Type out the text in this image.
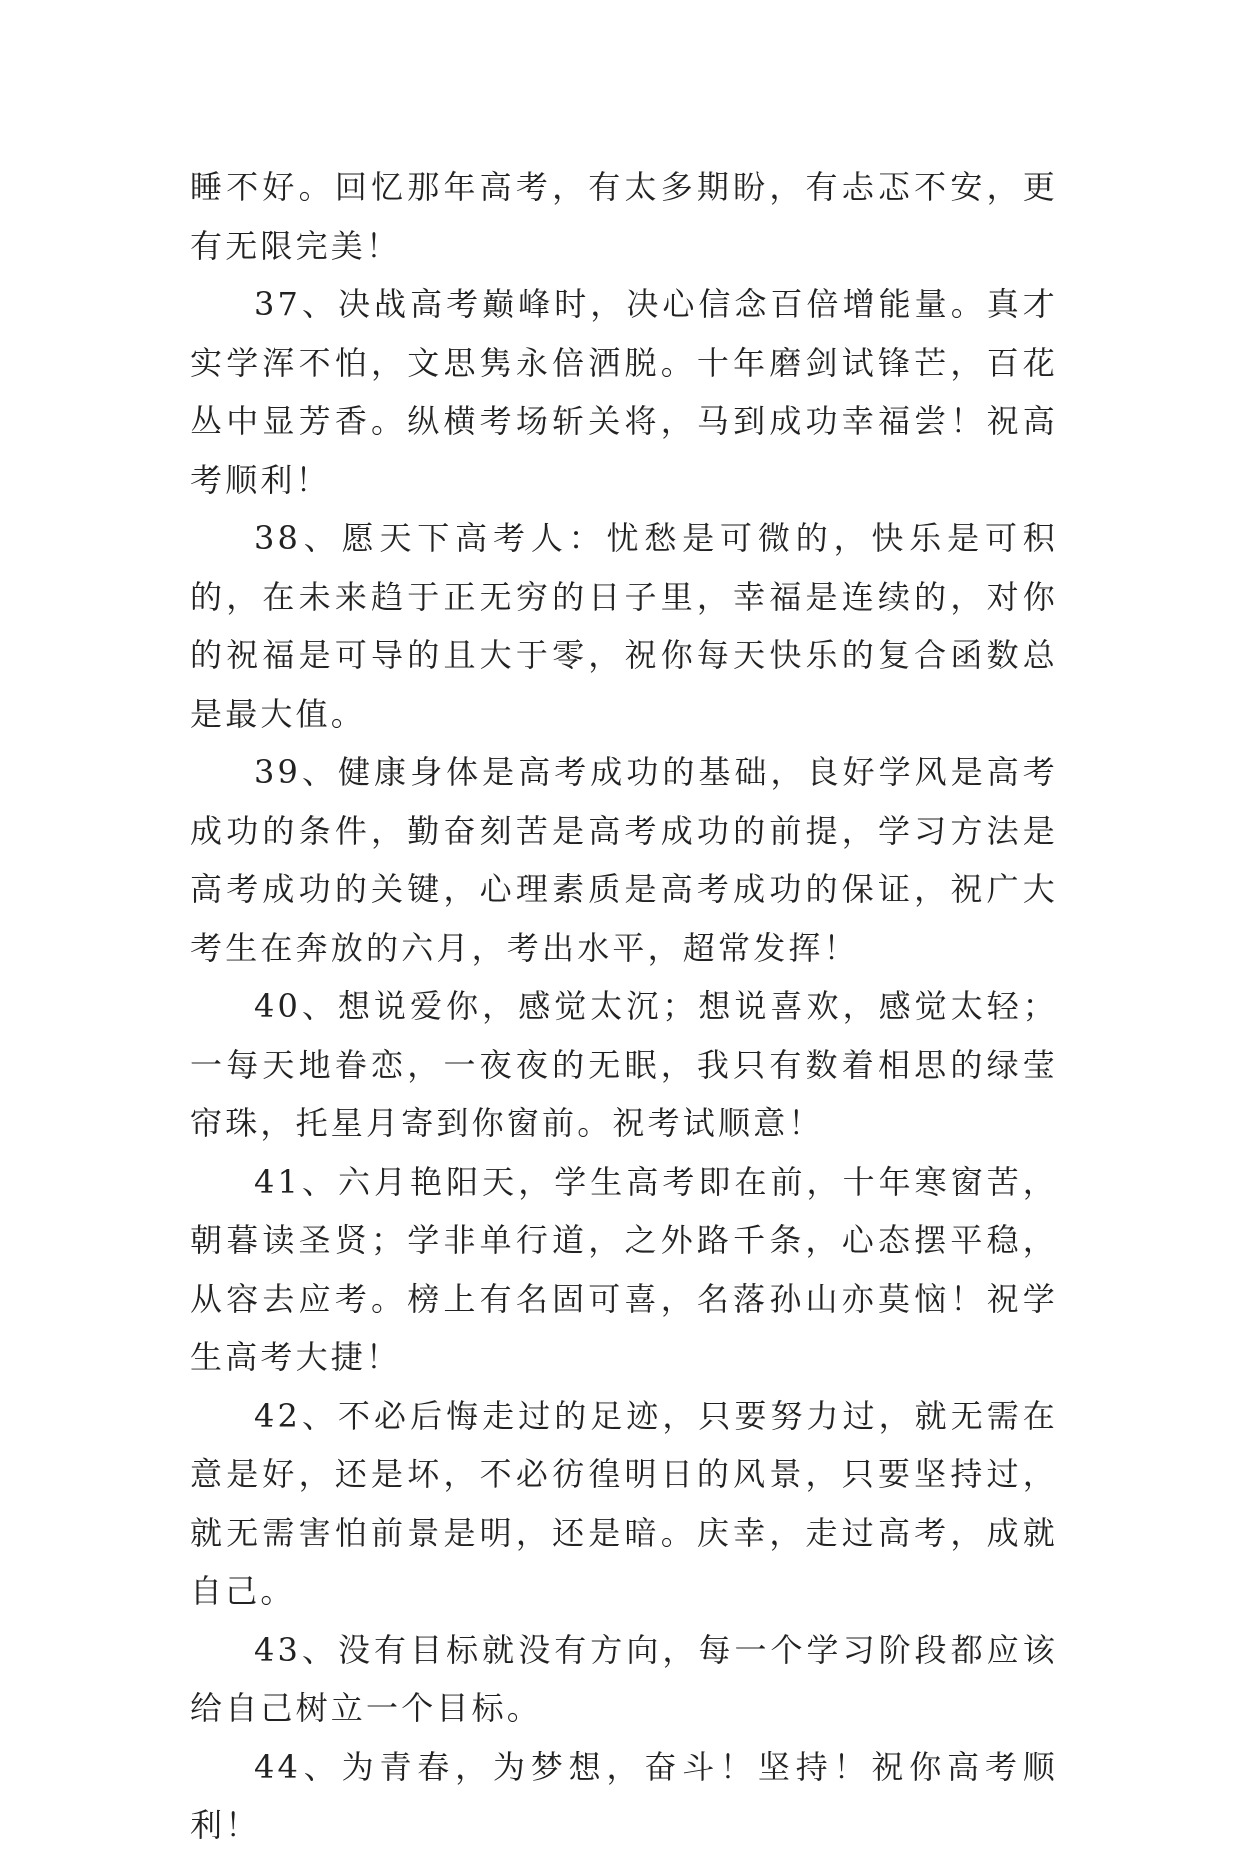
睡不好。回忆那年高考，有太多期盼，有忐忑不安，更有无限完美！

37、决战高考巅峰时，决心信念百倍增能量。真才实学浑不怕，文思隽永倍洒脱。十年磨剑试锋芒，百花丛中显芳香。纵横考场斩关将，马到成功幸福尝！祝高考顺利！

38、愿天下高考人：忧愁是可微的，快乐是可积的，在未来趋于正无穷的日子里，幸福是连续的，对你的祝福是可导的且大于零，祝你每天快乐的复合函数总是最大值。

39、健康身体是高考成功的基础，良好学风是高考成功的条件，勤奋刻苦是高考成功的前提，学习方法是高考成功的关键，心理素质是高考成功的保证，祝广大考生在奔放的六月，考出水平，超常发挥！

40、想说爱你，感觉太沉；想说喜欢，感觉太轻；一每天地眷恋，一夜夜的无眠，我只有数着相思的绿莹帘珠，托星月寄到你窗前。祝考试顺意！

41、六月艳阳天，学生高考即在前，十年寒窗苦，朝暮读圣贤；学非单行道，之外路千条，心态摆平稳，从容去应考。榜上有名固可喜，名落孙山亦莫恼！祝学生高考大捷！

42、不必后悔走过的足迹，只要努力过，就无需在意是好，还是坏，不必彷徨明日的风景，只要坚持过，就无需害怕前景是明，还是暗。庆幸，走过高考，成就自己。

43、没有目标就没有方向，每一个学习阶段都应该给自己树立一个目标。

44、为青春，为梦想，奋斗！坚持！祝你高考顺利！
